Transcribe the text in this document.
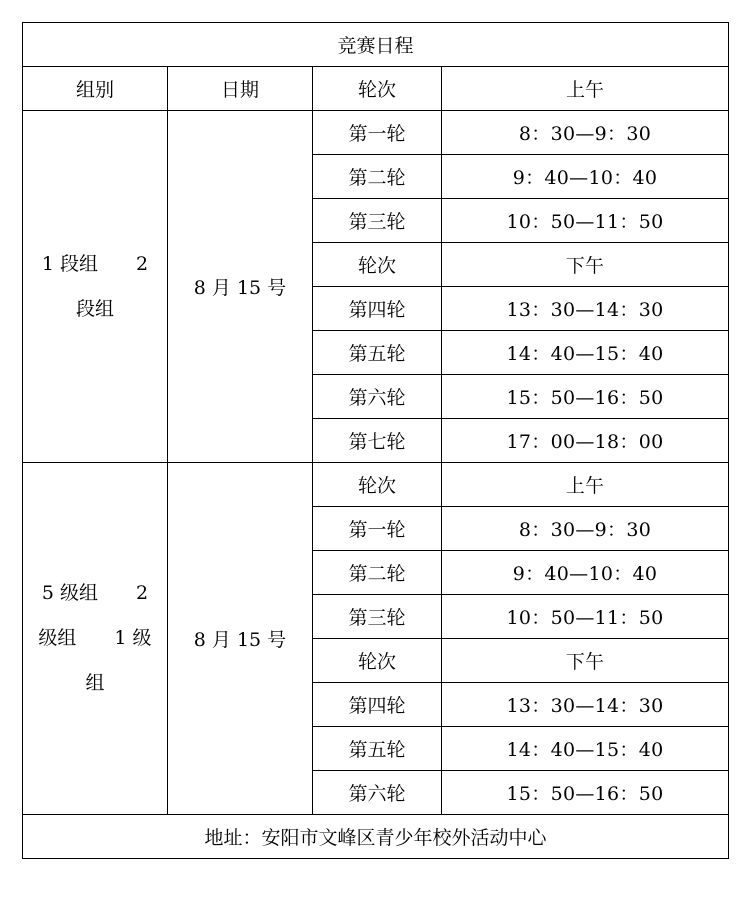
竞赛日程			
组别	日期	轮次	上午
1 段组　　2 段组	8 月 15 号	第一轮	8：30—9：30
		第二轮	9：40—10：40
		第三轮	10：50—11：50
		轮次	下午
		第四轮	13：30—14：30
		第五轮	14：40—15：40
		第六轮	15：50—16：50
		第七轮	17：00—18：00
5 级组　　2 级组　　1 级组	8 月 15 号	轮次	上午
		第一轮	8：30—9：30
		第二轮	9：40—10：40
		第三轮	10：50—11：50
		轮次	下午
		第四轮	13：30—14：30
		第五轮	14：40—15：40
		第六轮	15：50—16：50
地址：安阳市文峰区青少年校外活动中心			
